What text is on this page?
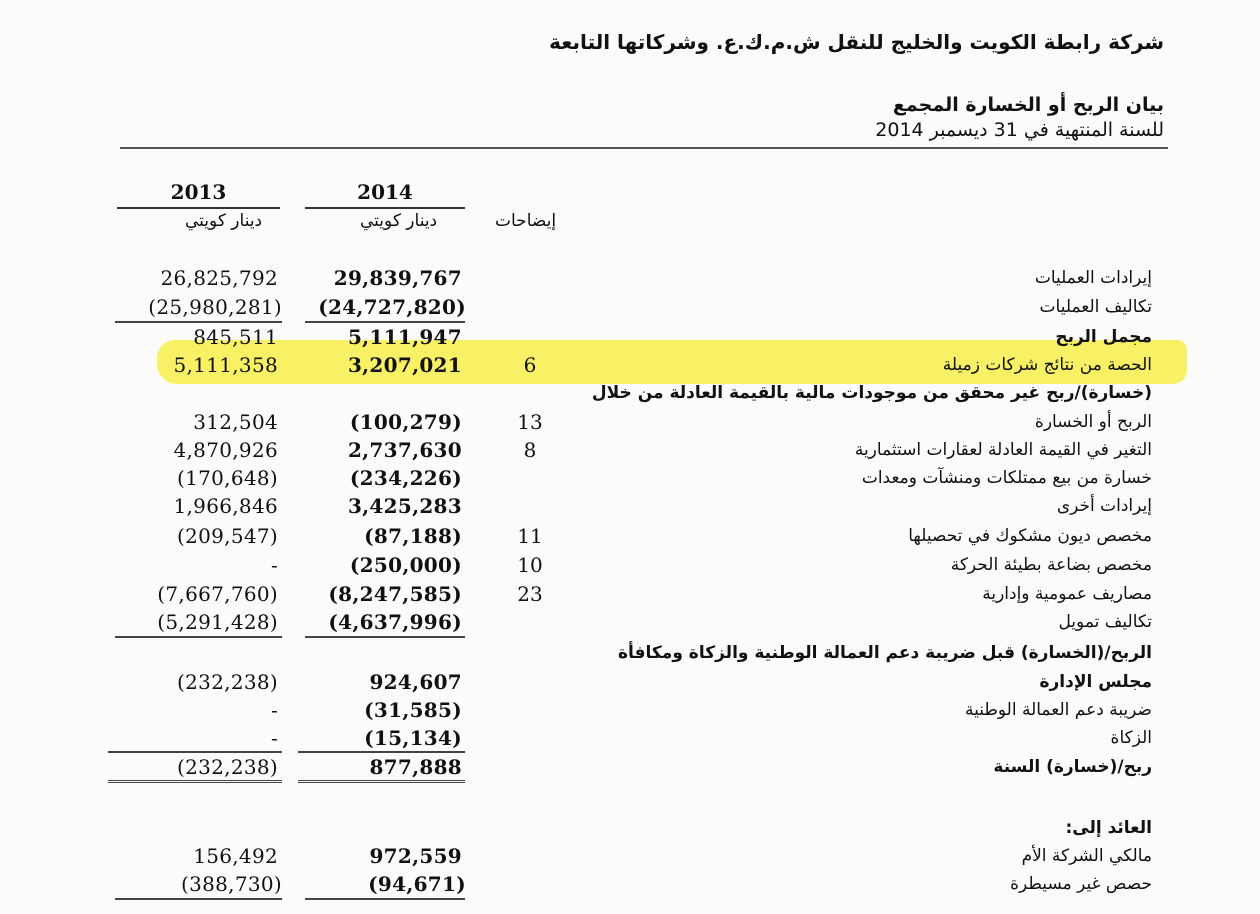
شركة رابطة الكويت والخليج للنقل ش.م.ك.ع. وشركاتها التابعة
بيان الربح أو الخسارة المجمع
للسنة المنتهية في 31 ديسمبر 2014
2014
2013
دينار كويتي
دينار كويتي	إيضاحات
إيرادات العمليات
29,839,767
26,825,792
تكاليف العمليات
(24,727,820)
(25,980,281)
مجمل الربح
5,111,947
845,511
الحصة من نتائج شركات زميلة
6
3,207,021
5,111,358
(خسارة)/ربح غير محقق من موجودات مالية بالقيمة العادلة من خلال
الربح أو الخسارة
13
(100,279)
312,504
التغير في القيمة العادلة لعقارات استثمارية
8
2,737,630
4,870,926
خسارة من بيع ممتلكات ومنشآت ومعدات
(234,226)
(170,648)
إيرادات أخرى
3,425,283
1,966,846
مخصص ديون مشكوك في تحصيلها
11
(87,188)
(209,547)
مخصص بضاعة بطيئة الحركة
10
(250,000)
-
مصاريف عمومية وإدارية
23
(8,247,585)
(7,667,760)
تكاليف تمويل
(4,637,996)
(5,291,428)
الربح/(الخسارة) قبل ضريبة دعم العمالة الوطنية والزكاة ومكافأة
مجلس الإدارة
924,607
(232,238)
ضريبة دعم العمالة الوطنية
(31,585)
-
الزكاة
(15,134)
-
ربح/(خسارة) السنة
877,888
(232,238)
العائد إلى:
مالكي الشركة الأم
972,559
156,492
حصص غير مسيطرة
(94,671)
(388,730)
